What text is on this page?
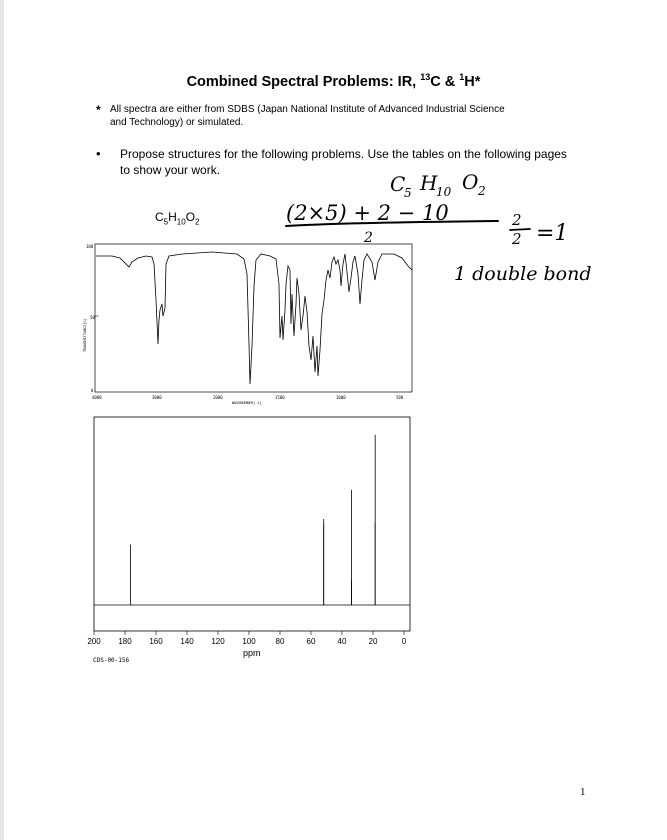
Combined Spectral Problems: IR, $^{13}$C & $^1$H*
* All spectra are either from SDBS (Japan National Institute of Advanced Industrial Science and Technology) or simulated.
•	Propose structures for the following problems. Use the tables on the following pages to show your work.
$C_5H_{10}O_2$
100
50
0
TRANSMITTANCE[%]
4000	3000	2000	1500	1000	500
WAVENUMBER[-1]
200 180 160 140 120 100 80	60	40	20	0
ppm
CDS-00-156
1
C
5 H
10 O 2
(2×5) + 2 − 10
2
2
2 =1
1 double bond
